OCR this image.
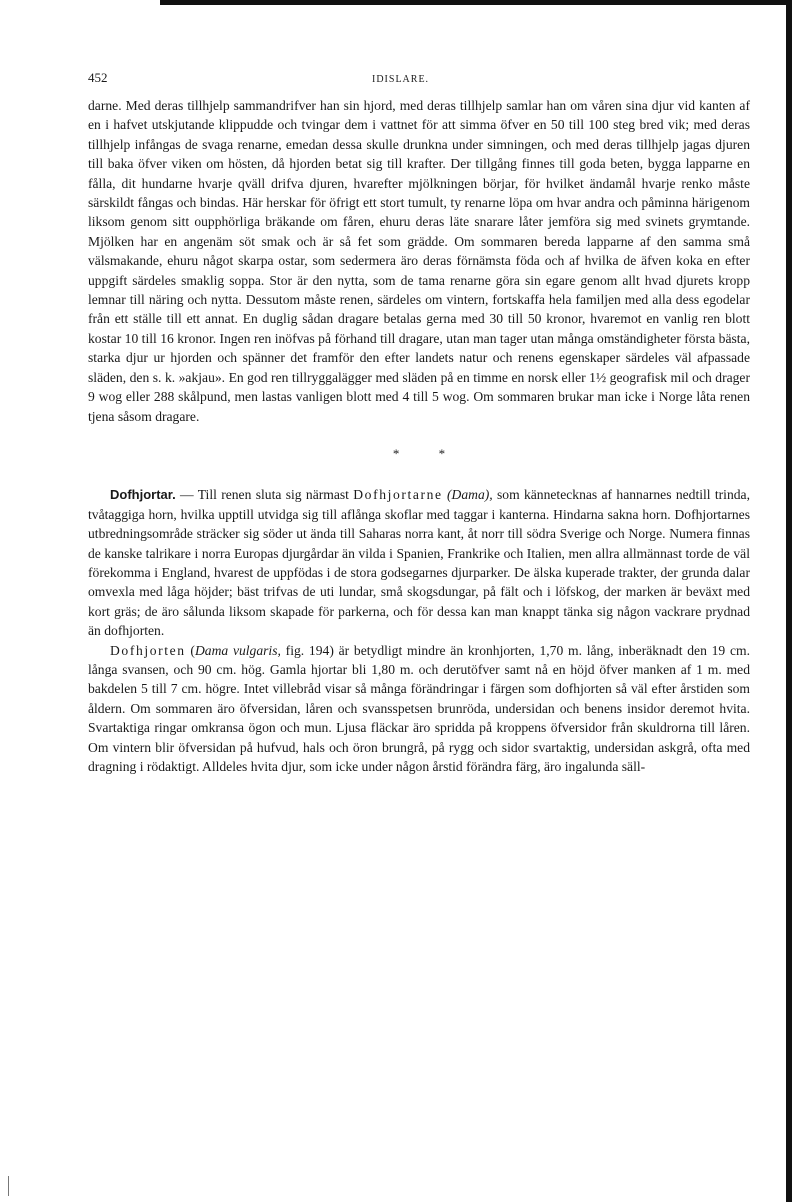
452	IDISLARE.

darne. Med deras tillhjelp sammandrifver han sin hjord, med deras tillhjelp samlar han om våren sina djur vid kanten af en i hafvet utskjutande klippudde och tvingar dem i vattnet för att simma öfver en 50 till 100 steg bred vik; med deras tillhjelp infångas de svaga renarne, emedan dessa skulle drunkna under simningen, och med deras tillhjelp jagas djuren till baka öfver viken om hösten, då hjorden betat sig till krafter. Der tillgång finnes till goda beten, bygga lapparne en fålla, dit hundarne hvarje qväll drifva djuren, hvarefter mjölkningen börjar, för hvilket ändamål hvarje renko måste särskildt fångas och bindas. Här herskar för öfrigt ett stort tumult, ty renarne löpa om hvar andra och påminna härigenom liksom genom sitt oupphörliga bräkande om fåren, ehuru deras läte snarare låter jemföra sig med svinets grymtande. Mjölken har en angenäm söt smak och är så fet som grädde. Om sommaren bereda lapparne af den samma små välsmakande, ehuru något skarpa ostar, som sedermera äro deras förnämsta föda och af hvilka de äfven koka en efter uppgift särdeles smaklig soppa. Stor är den nytta, som de tama renarne göra sin egare genom allt hvad djurets kropp lemnar till näring och nytta. Dessutom måste renen, särdeles om vintern, fortskaffa hela familjen med alla dess egodelar från ett ställe till ett annat. En duglig sådan dragare betalas gerna med 30 till 50 kronor, hvaremot en vanlig ren blott kostar 10 till 16 kronor. Ingen ren inöfvas på förhand till dragare, utan man tager utan många omständigheter första bästa, starka djur ur hjorden och spänner det framför den efter landets natur och renens egenskaper särdeles väl afpassade släden, den s. k. »akjau». En god ren tillryggalägger med släden på en timme en norsk eller 1½ geografisk mil och drager 9 wog eller 288 skålpund, men lastas vanligen blott med 4 till 5 wog. Om sommaren brukar man icke i Norge låta renen tjena såsom dragare.

* *

Dofhjortar. — Till renen sluta sig närmast Dofhjortarne (Dama), som kännetecknas af hannarnes nedtill trinda, tvåtaggiga horn, hvilka upptill utvidga sig till aflånga skoflar med taggar i kanterna. Hindarna sakna horn. Dofhjortarnes utbredningsområde sträcker sig söder ut ända till Saharas norra kant, åt norr till södra Sverige och Norge. Numera finnas de kanske talrikare i norra Europas djurgårdar än vilda i Spanien, Frankrike och Italien, men allra allmännast torde de väl förekomma i England, hvarest de uppfödas i de stora godsegarnes djurparker. De älska kuperade trakter, der grunda dalar omvexla med låga höjder; bäst trifvas de uti lundar, små skogsdungar, på fält och i löfskog, der marken är beväxt med kort gräs; de äro sålunda liksom skapade för parkerna, och för dessa kan man knappt tänka sig någon vackrare prydnad än dofhjorten.

Dofhjorten (Dama vulgaris, fig. 194) är betydligt mindre än kronhjorten, 1,70 m. lång, inberäknadt den 19 cm. långa svansen, och 90 cm. hög. Gamla hjortar bli 1,80 m. och derutöfver samt nå en höjd öfver manken af 1 m. med bakdelen 5 till 7 cm. högre. Intet villebråd visar så många förändringar i färgen som dofhjorten så väl efter årstiden som åldern. Om sommaren äro öfversidan, låren och svansspetsen brunröda, undersidan och benens insidor deremot hvita. Svartaktiga ringar omkransa ögon och mun. Ljusa fläckar äro spridda på kroppens öfversidor från skuldrorna till låren. Om vintern blir öfversidan på hufvud, hals och öron brungrå, på rygg och sidor svartaktig, undersidan askgrå, ofta med dragning i rödaktigt. Alldeles hvita djur, som icke under någon årstid förändra färg, äro ingalunda säll-
